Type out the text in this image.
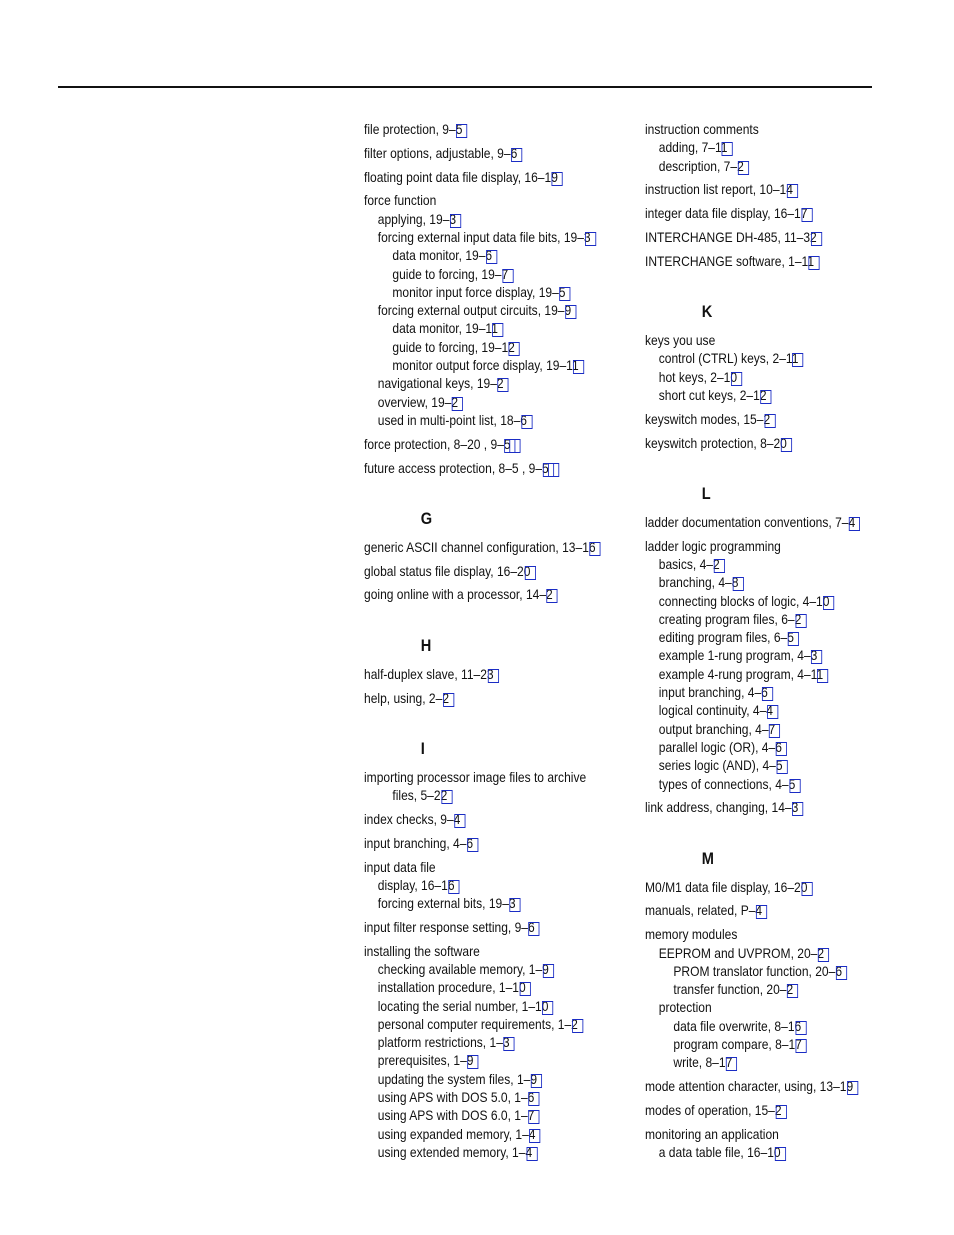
file protection, 9–5
filter options, adjustable, 9–6
floating point data file display, 16–19
force function
applying, 19–3
forcing external input data file bits, 19–3
data monitor, 19–6
guide to forcing, 19–7
monitor input force display, 19–5
forcing external output circuits, 19–9
data monitor, 19–11
guide to forcing, 19–12
monitor output force display, 19–11
navigational keys, 19–2
overview, 19–2
used in multi-point list, 18–6
force protection, 8–20 , 9–5
future access protection, 8–5 , 9–5
G
generic ASCII channel configuration, 13–16
global status file display, 16–20
going online with a processor, 14–2
H
half-duplex slave, 11–23
help, using, 2–2
I
importing processor image files to archive
files, 5–22
index checks, 9–4
input branching, 4–6
input data file
display, 16–16
forcing external bits, 19–3
input filter response setting, 9–6
installing the software
checking available memory, 1–9
installation procedure, 1–10
locating the serial number, 1–10
personal computer requirements, 1–2
platform restrictions, 1–3
prerequisites, 1–9
updating the system files, 1–9
using APS with DOS 5.0, 1–6
using APS with DOS 6.0, 1–7
using expanded memory, 1–4
using extended memory, 1–4
instruction comments
adding, 7–11
description, 7–2
instruction list report, 10–14
integer data file display, 16–17
INTERCHANGE DH-485, 11–32
INTERCHANGE software, 1–11
K
keys you use
control (CTRL) keys, 2–11
hot keys, 2–10
short cut keys, 2–12
keyswitch modes, 15–2
keyswitch protection, 8–20
L
ladder documentation conventions, 7–4
ladder logic programming
basics, 4–2
branching, 4–8
connecting blocks of logic, 4–10
creating program files, 6–2
editing program files, 6–5
example 1-rung program, 4–3
example 4-rung program, 4–11
input branching, 4–6
logical continuity, 4–4
output branching, 4–7
parallel logic (OR), 4–6
series logic (AND), 4–5
types of connections, 4–5
link address, changing, 14–3
M
M0/M1 data file display, 16–20
manuals, related, P–4
memory modules
EEPROM and UVPROM, 20–2
PROM translator function, 20–6
transfer function, 20–2
protection
data file overwrite, 8–16
program compare, 8–17
write, 8–17
mode attention character, using, 13–19
modes of operation, 15–2
monitoring an application
a data table file, 16–10
